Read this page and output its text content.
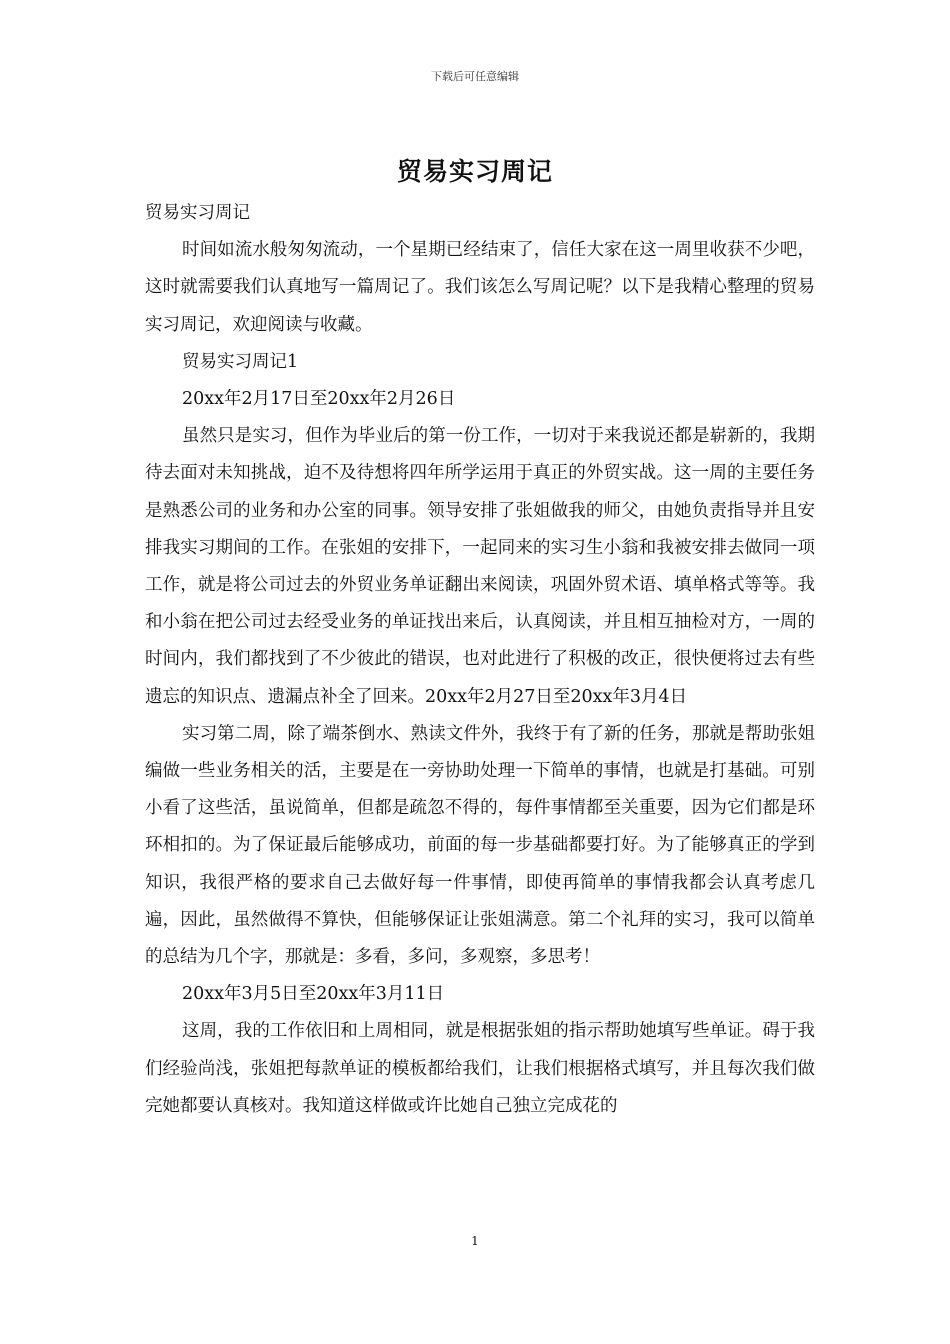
下载后可任意编辑
贸易实习周记

贸易实习周记

时间如流水般匆匆流动，一个星期已经结束了，信任大家在这一周里收获不少吧，这时就需要我们认真地写一篇周记了。我们该怎么写周记呢？以下是我精心整理的贸易实习周记，欢迎阅读与收藏。

贸易实习周记1

20xx年2月17日至20xx年2月26日

虽然只是实习，但作为毕业后的第一份工作，一切对于来我说还都是崭新的，我期待去面对未知挑战，迫不及待想将四年所学运用于真正的外贸实战。这一周的主要任务是熟悉公司的业务和办公室的同事。领导安排了张姐做我的师父，由她负责指导并且安排我实习期间的工作。在张姐的安排下，一起同来的实习生小翁和我被安排去做同一项工作，就是将公司过去的外贸业务单证翻出来阅读，巩固外贸术语、填单格式等等。我和小翁在把公司过去经受业务的单证找出来后，认真阅读，并且相互抽检对方，一周的时间内，我们都找到了不少彼此的错误，也对此进行了积极的改正，很快便将过去有些遗忘的知识点、遗漏点补全了回来。20xx年2月27日至20xx年3月4日

实习第二周，除了端茶倒水、熟读文件外，我终于有了新的任务，那就是帮助张姐编做一些业务相关的活，主要是在一旁协助处理一下简单的事情，也就是打基础。可别小看了这些活，虽说简单，但都是疏忽不得的，每件事情都至关重要，因为它们都是环环相扣的。为了保证最后能够成功，前面的每一步基础都要打好。为了能够真正的学到知识，我很严格的要求自己去做好每一件事情，即使再简单的事情我都会认真考虑几遍，因此，虽然做得不算快，但能够保证让张姐满意。第二个礼拜的实习，我可以简单的总结为几个字，那就是：多看，多问，多观察，多思考！

20xx年3月5日至20xx年3月11日

这周，我的工作依旧和上周相同，就是根据张姐的指示帮助她填写些单证。碍于我们经验尚浅，张姐把每款单证的模板都给我们，让我们根据格式填写，并且每次我们做完她都要认真核对。我知道这样做或许比她自己独立完成花的

1
